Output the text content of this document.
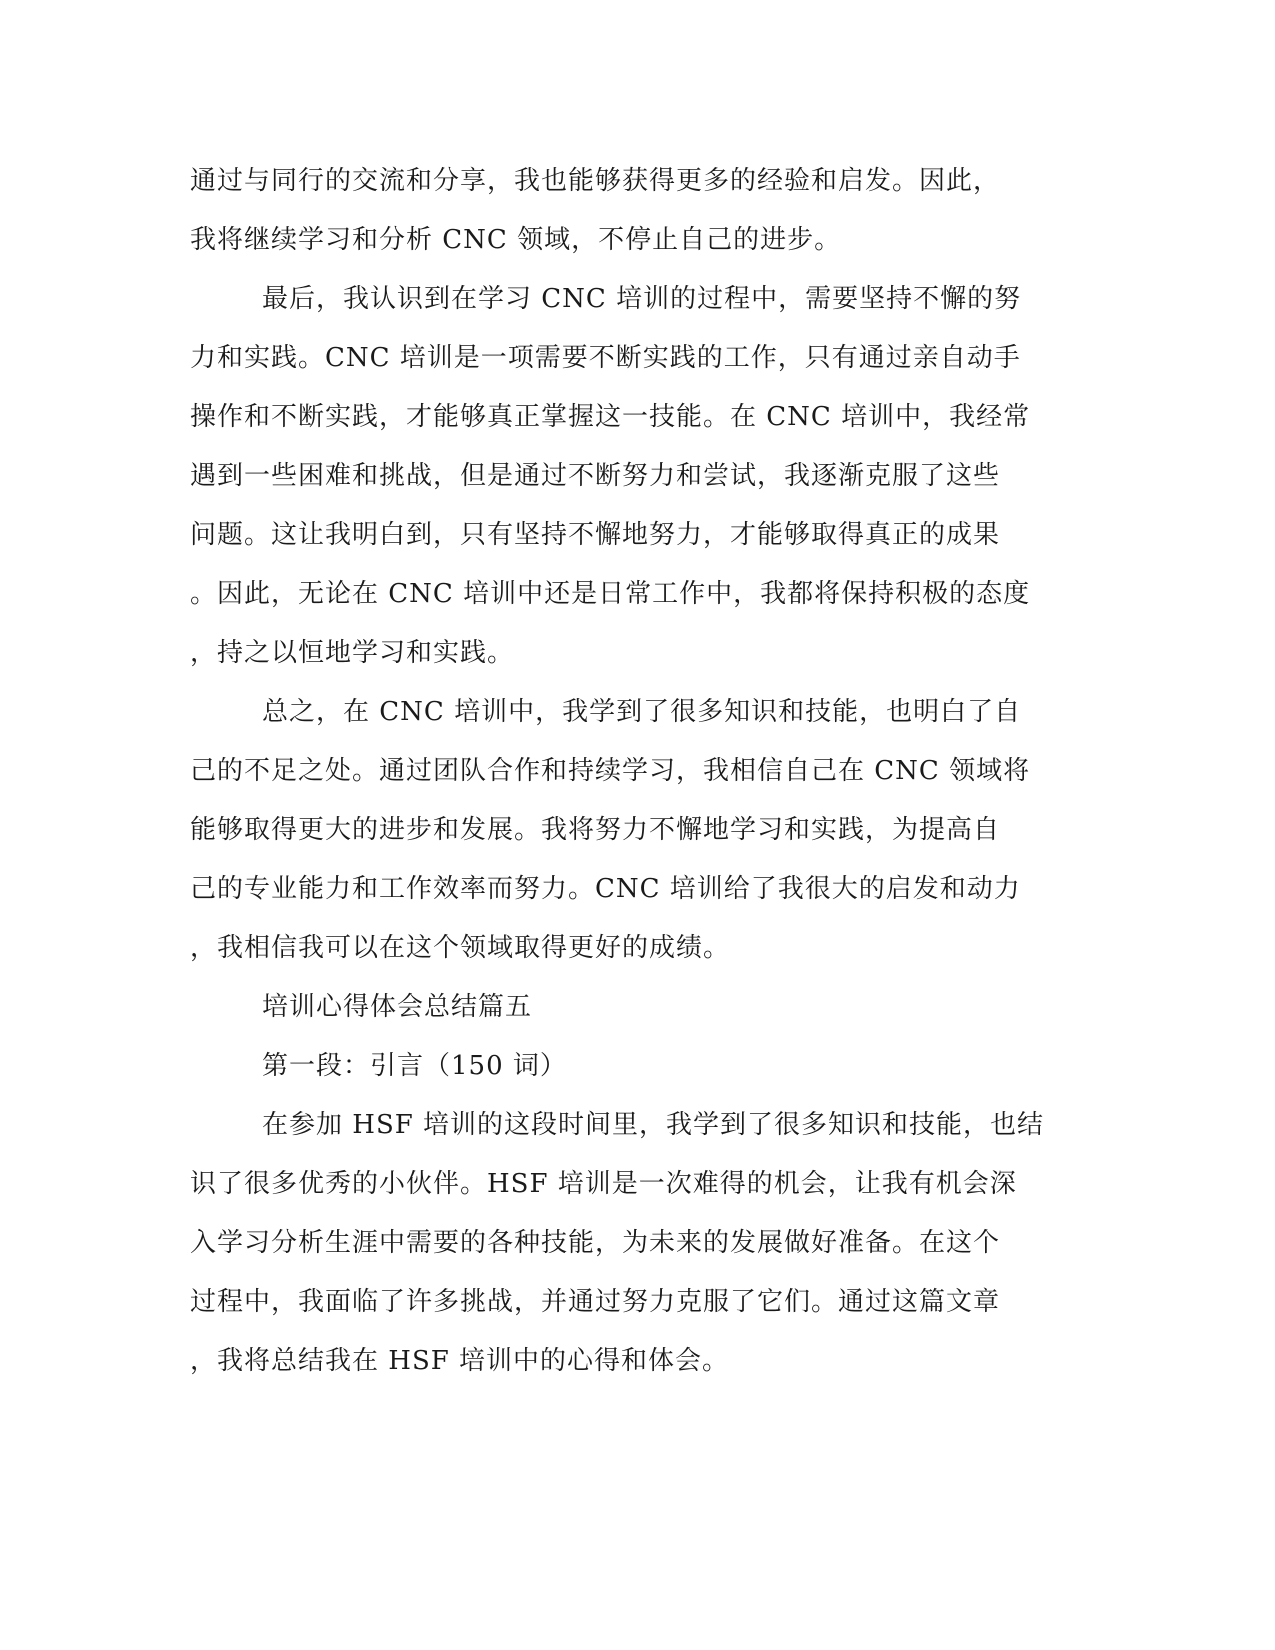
通过与同行的交流和分享，我也能够获得更多的经验和启发。因此，
我将继续学习和分析 CNC 领域，不停止自己的进步。
最后，我认识到在学习 CNC 培训的过程中，需要坚持不懈的努
力和实践。CNC 培训是一项需要不断实践的工作，只有通过亲自动手
操作和不断实践，才能够真正掌握这一技能。在 CNC 培训中，我经常
遇到一些困难和挑战，但是通过不断努力和尝试，我逐渐克服了这些
问题。这让我明白到，只有坚持不懈地努力，才能够取得真正的成果
。因此，无论在 CNC 培训中还是日常工作中，我都将保持积极的态度
，持之以恒地学习和实践。
总之，在 CNC 培训中，我学到了很多知识和技能，也明白了自
己的不足之处。通过团队合作和持续学习，我相信自己在 CNC 领域将
能够取得更大的进步和发展。我将努力不懈地学习和实践，为提高自
己的专业能力和工作效率而努力。CNC 培训给了我很大的启发和动力
，我相信我可以在这个领域取得更好的成绩。
培训心得体会总结篇五
第一段：引言（150 词）
在参加 HSF 培训的这段时间里，我学到了很多知识和技能，也结
识了很多优秀的小伙伴。HSF 培训是一次难得的机会，让我有机会深
入学习分析生涯中需要的各种技能，为未来的发展做好准备。在这个
过程中，我面临了许多挑战，并通过努力克服了它们。通过这篇文章
，我将总结我在 HSF 培训中的心得和体会。
